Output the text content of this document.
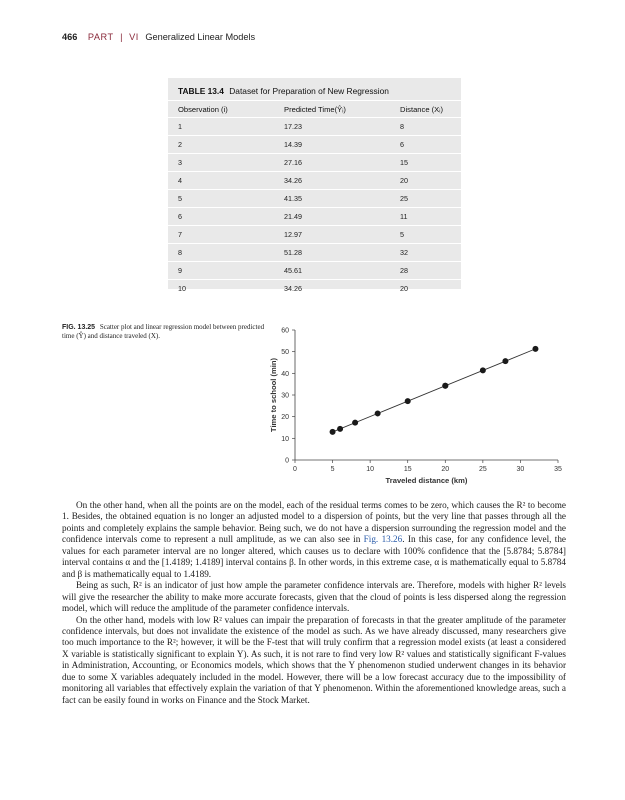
466 PART | VI Generalized Linear Models
TABLE 13.4 Dataset for Preparation of New Regression
Observation (i)	Predicted Time(Ŷᵢ)	Distance (Xᵢ)
1	17.23	8
2	14.39	6
3	27.16	15
4	34.26	20
5	41.35	25
6	21.49	11
7	12.97	5
8	51.28	32
9	45.61	28
10	34.26	20
FIG. 13.25 Scatter plot and linear regression model between predicted time (Ŷ) and distance traveled (X).
0	5	10	15	20	25	30	35
0
10
20
30
40
50
60
Traveled distance (km)
Time to school (min)

On the other hand, when all the points are on the model, each of the residual terms comes to be zero, which causes the R² to become 1. Besides, the obtained equation is no longer an adjusted model to a dispersion of points, but the very line that passes through all the points and completely explains the sample behavior. Being such, we do not have a dispersion surrounding the regression model and the confidence intervals come to represent a null amplitude, as we can also see in Fig. 13.26. In this case, for any confidence level, the values for each parameter interval are no longer altered, which causes us to declare with 100% confidence that the [5.8784; 5.8784] interval contains α and the [1.4189; 1.4189] interval contains β. In other words, in this extreme case, α is mathematically equal to 5.8784 and β is mathematically equal to 1.4189.

Being as such, R² is an indicator of just how ample the parameter confidence intervals are. Therefore, models with higher R² levels will give the researcher the ability to make more accurate forecasts, given that the cloud of points is less dispersed along the regression model, which will reduce the amplitude of the parameter confidence intervals.

On the other hand, models with low R² values can impair the preparation of forecasts in that the greater amplitude of the parameter confidence intervals, but does not invalidate the existence of the model as such. As we have already discussed, many researchers give too much importance to the R²; however, it will be the F-test that will truly confirm that a regression model exists (at least a considered X variable is statistically significant to explain Y). As such, it is not rare to find very low R² values and statistically significant F-values in Administration, Accounting, or Economics models, which shows that the Y phenomenon studied underwent changes in its behavior due to some X variables adequately included in the model. However, there will be a low forecast accuracy due to the impossibility of monitoring all variables that effectively explain the variation of that Y phenomenon. Within the aforementioned knowledge areas, such a fact can be easily found in works on Finance and the Stock Market.
